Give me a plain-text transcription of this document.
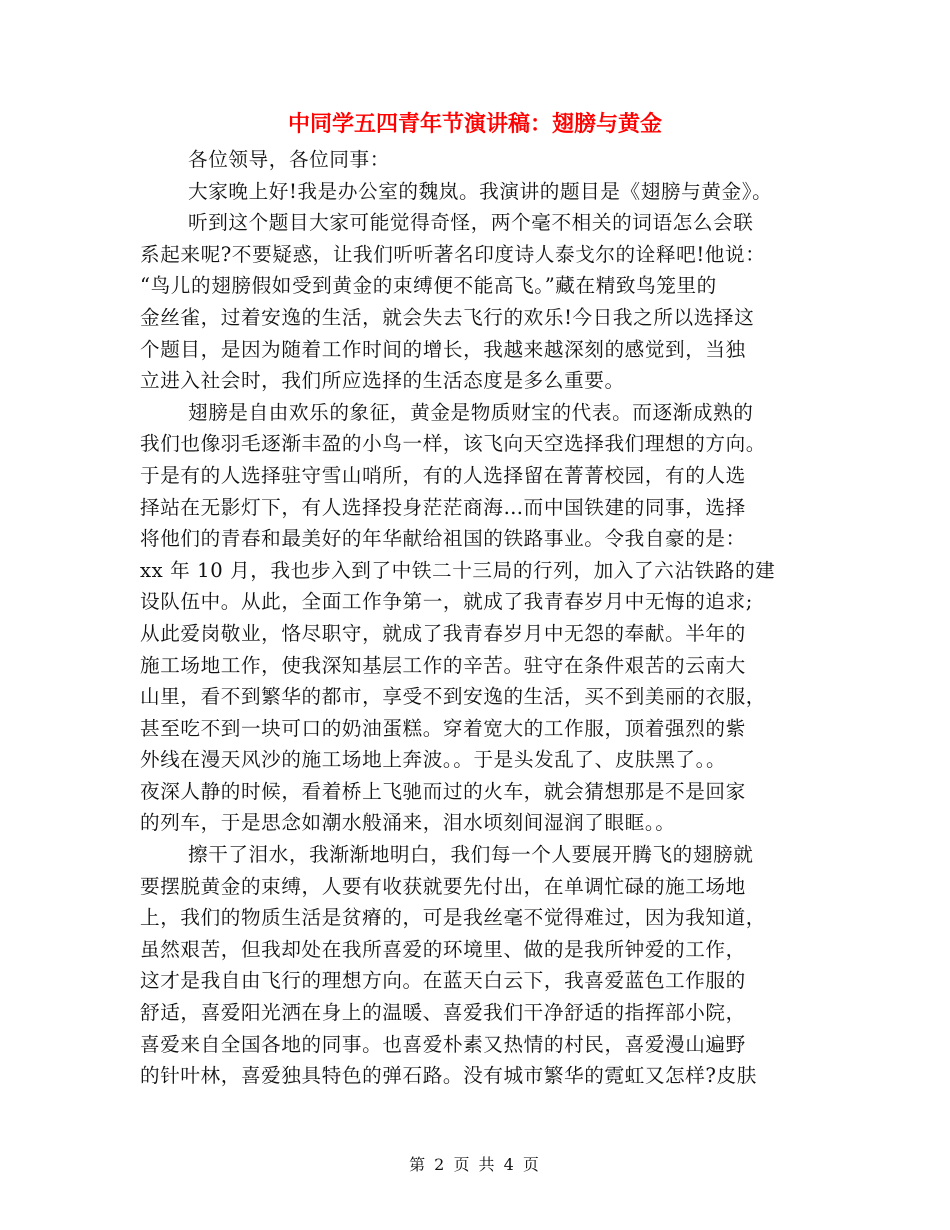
中同学五四青年节演讲稿：翅膀与黄金
各位领导，各位同事：
大家晚上好!我是办公室的魏岚。我演讲的题目是《翅膀与黄金》。
听到这个题目大家可能觉得奇怪，两个毫不相关的词语怎么会联
系起来呢?不要疑惑，让我们听听著名印度诗人泰戈尔的诠释吧!他说：
“鸟儿的翅膀假如受到黄金的束缚便不能高飞。”藏在精致鸟笼里的
金丝雀，过着安逸的生活，就会失去飞行的欢乐!今日我之所以选择这
个题目，是因为随着工作时间的增长，我越来越深刻的感觉到，当独
立进入社会时，我们所应选择的生活态度是多么重要。
翅膀是自由欢乐的象征，黄金是物质财宝的代表。而逐渐成熟的
我们也像羽毛逐渐丰盈的小鸟一样，该飞向天空选择我们理想的方向。
于是有的人选择驻守雪山哨所，有的人选择留在菁菁校园，有的人选
择站在无影灯下，有人选择投身茫茫商海…而中国铁建的同事，选择
将他们的青春和最美好的年华献给祖国的铁路事业。令我自豪的是：
xx 年 10 月，我也步入到了中铁二十三局的行列，加入了六沾铁路的建
设队伍中。从此，全面工作争第一，就成了我青春岁月中无悔的追求;
从此爱岗敬业，恪尽职守，就成了我青春岁月中无怨的奉献。半年的
施工场地工作，使我深知基层工作的辛苦。驻守在条件艰苦的云南大
山里，看不到繁华的都市，享受不到安逸的生活，买不到美丽的衣服，
甚至吃不到一块可口的奶油蛋糕。穿着宽大的工作服，顶着强烈的紫
外线在漫天风沙的施工场地上奔波。。于是头发乱了、皮肤黑了。。
夜深人静的时候，看着桥上飞驰而过的火车，就会猜想那是不是回家
的列车，于是思念如潮水般涌来，泪水顷刻间湿润了眼眶。。
擦干了泪水，我渐渐地明白，我们每一个人要展开腾飞的翅膀就
要摆脱黄金的束缚，人要有收获就要先付出，在单调忙碌的施工场地
上，我们的物质生活是贫瘠的，可是我丝毫不觉得难过，因为我知道，
虽然艰苦，但我却处在我所喜爱的环境里、做的是我所钟爱的工作，
这才是我自由飞行的理想方向。在蓝天白云下，我喜爱蓝色工作服的
舒适，喜爱阳光洒在身上的温暖、喜爱我们干净舒适的指挥部小院，
喜爱来自全国各地的同事。也喜爱朴素又热情的村民，喜爱漫山遍野
的针叶林，喜爱独具特色的弹石路。没有城市繁华的霓虹又怎样?皮肤
第 2 页 共 4 页
